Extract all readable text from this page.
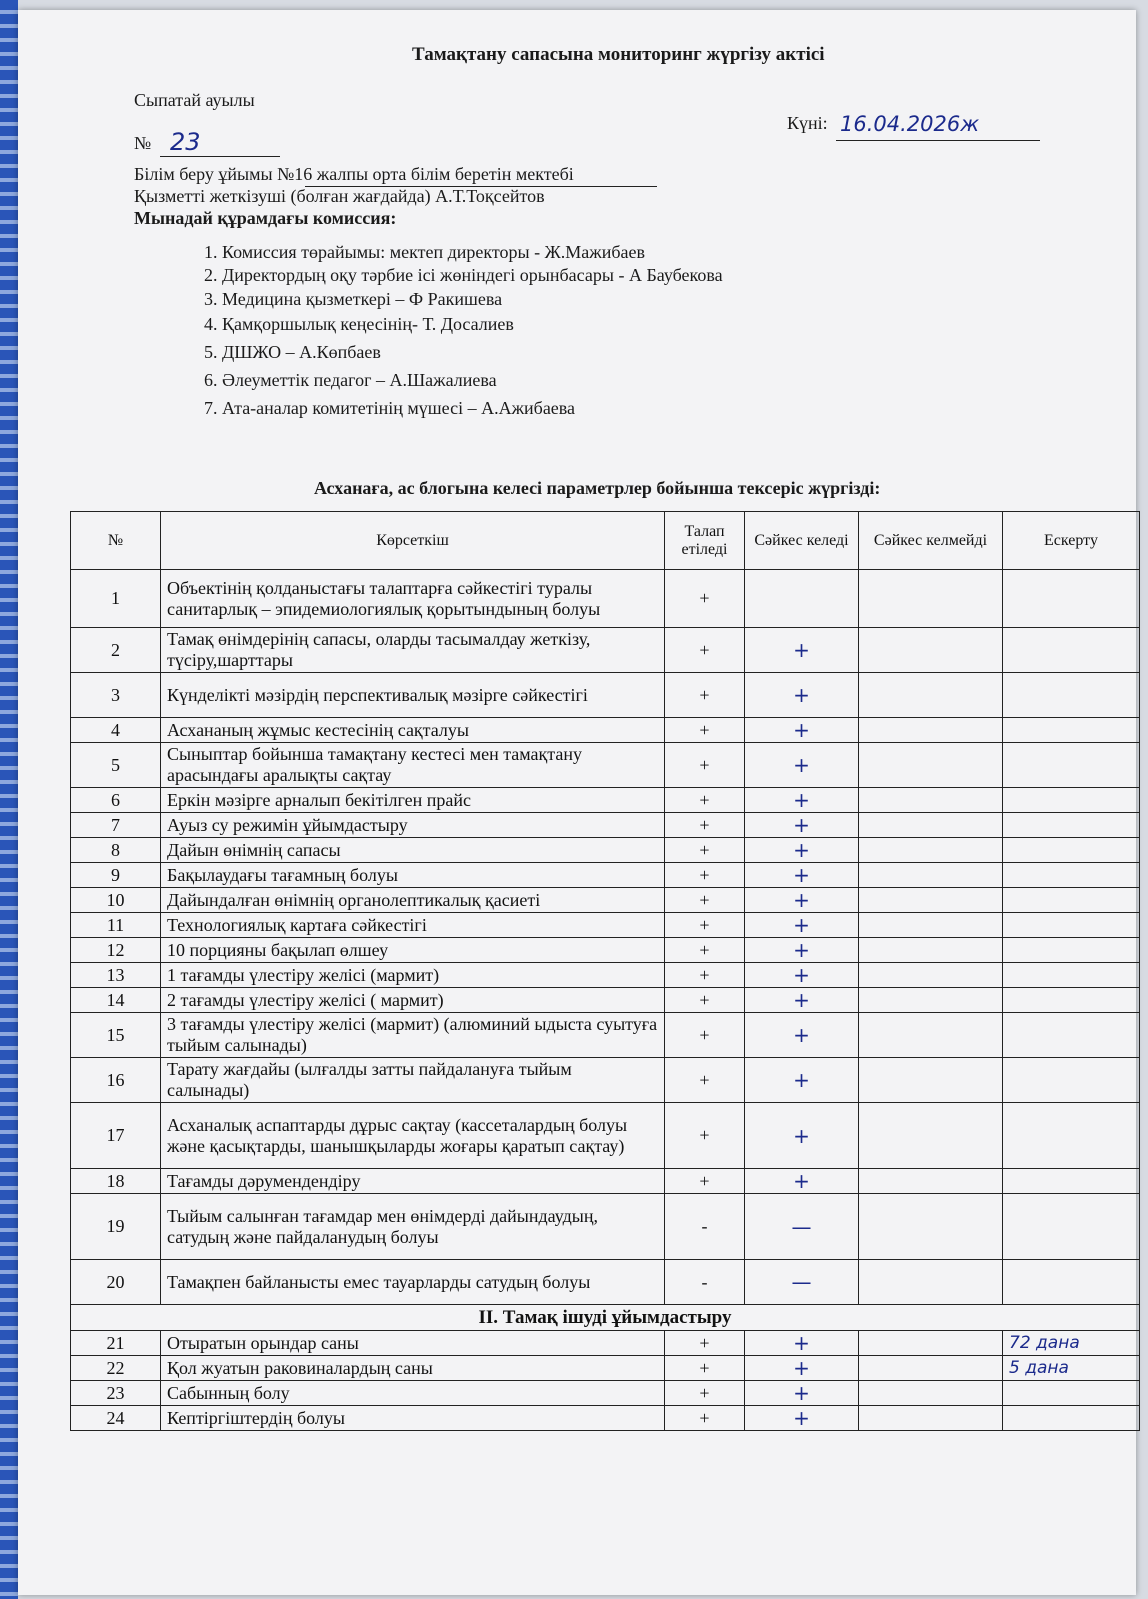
Тамақтану сапасына мониторинг жүргізу актісі
Сыпатай ауылы
№ 23
Күні: 16.04.2026ж
Білім беру ұйымы №16 жалпы орта білім беретін мектебі
Қызметті жеткізуші (болған жағдайда) А.Т.Тоқсейтов
Мынадай құрамдағы комиссия:
1. Комиссия төрайымы: мектеп директоры - Ж.Мажибаев
2. Директордың оқу тәрбие ісі жөніндегі орынбасары - А Баубекова
3. Медицина қызметкері – Ф Ракишева
4. Қамқоршылық кеңесінің- Т. Досалиев
5. ДШЖО – А.Көпбаев
6. Әлеуметтік педагог – А.Шажалиева
7. Ата-аналар комитетінің мүшесі – А.Ажибаева
Асханаға, ас блогына келесі параметрлер бойынша тексеріс жүргізді:
№	Көрсеткіш	Талап етіледі	Сәйкес келеді	Сәйкес келмейді	Ескерту
1	Объектінің қолданыстағы талаптарға сәйкестігі туралы санитарлық – эпидемиологиялық қорытындының болуы	+			
2	Тамақ өнімдерінің сапасы, оларды тасымалдау жеткізу, түсіру,шарттары	+	+		
3	Күнделікті мәзірдің перспективалық мәзірге сәйкестігі	+	+		
4	Асхананың жұмыс кестесінің сақталуы	+	+		
5	Сыныптар бойынша тамақтану кестесі мен тамақтану арасындағы аралықты сақтау	+	+		
6	Еркін мәзірге арналып бекітілген прайс	+	+		
7	Ауыз су режимін ұйымдастыру	+	+		
8	Дайын өнімнің сапасы	+	+		
9	Бақылаудағы тағамның болуы	+	+		
10	Дайындалған өнімнің органолептикалық қасиеті	+	+		
11	Технологиялық картаға сәйкестігі	+	+		
12	10 порцияны бақылап өлшеу	+	+		
13	1 тағамды үлестіру желісі (мармит)	+	+		
14	2 тағамды үлестіру желісі ( мармит)	+	+		
15	3 тағамды үлестіру желісі (мармит) (алюминий ыдыста суытуға тыйым салынады)	+	+		
16	Тарату жағдайы (ылғалды затты пайдалануға тыйым салынады)	+	+		
17	Асханалық аспаптарды дұрыс сақтау (кассеталардың болуы және қасықтарды, шанышқыларды жоғары қаратып сақтау)	+	+		
18	Тағамды дәрумендендіру	+	+		
19	Тыйым салынған тағамдар мен өнімдерді дайындаудың, сатудың және пайдаланудың болуы	-	—		
20	Тамақпен байланысты емес тауарларды сатудың болуы	-	—		
II. Тамақ ішуді ұйымдастыру					
21	Отыратын орындар саны	+	+		72 дана
22	Қол жуатын раковиналардың саны	+	+		5 дана
23	Сабынның болу	+	+		
24	Кептіргіштердің болуы	+	+		
